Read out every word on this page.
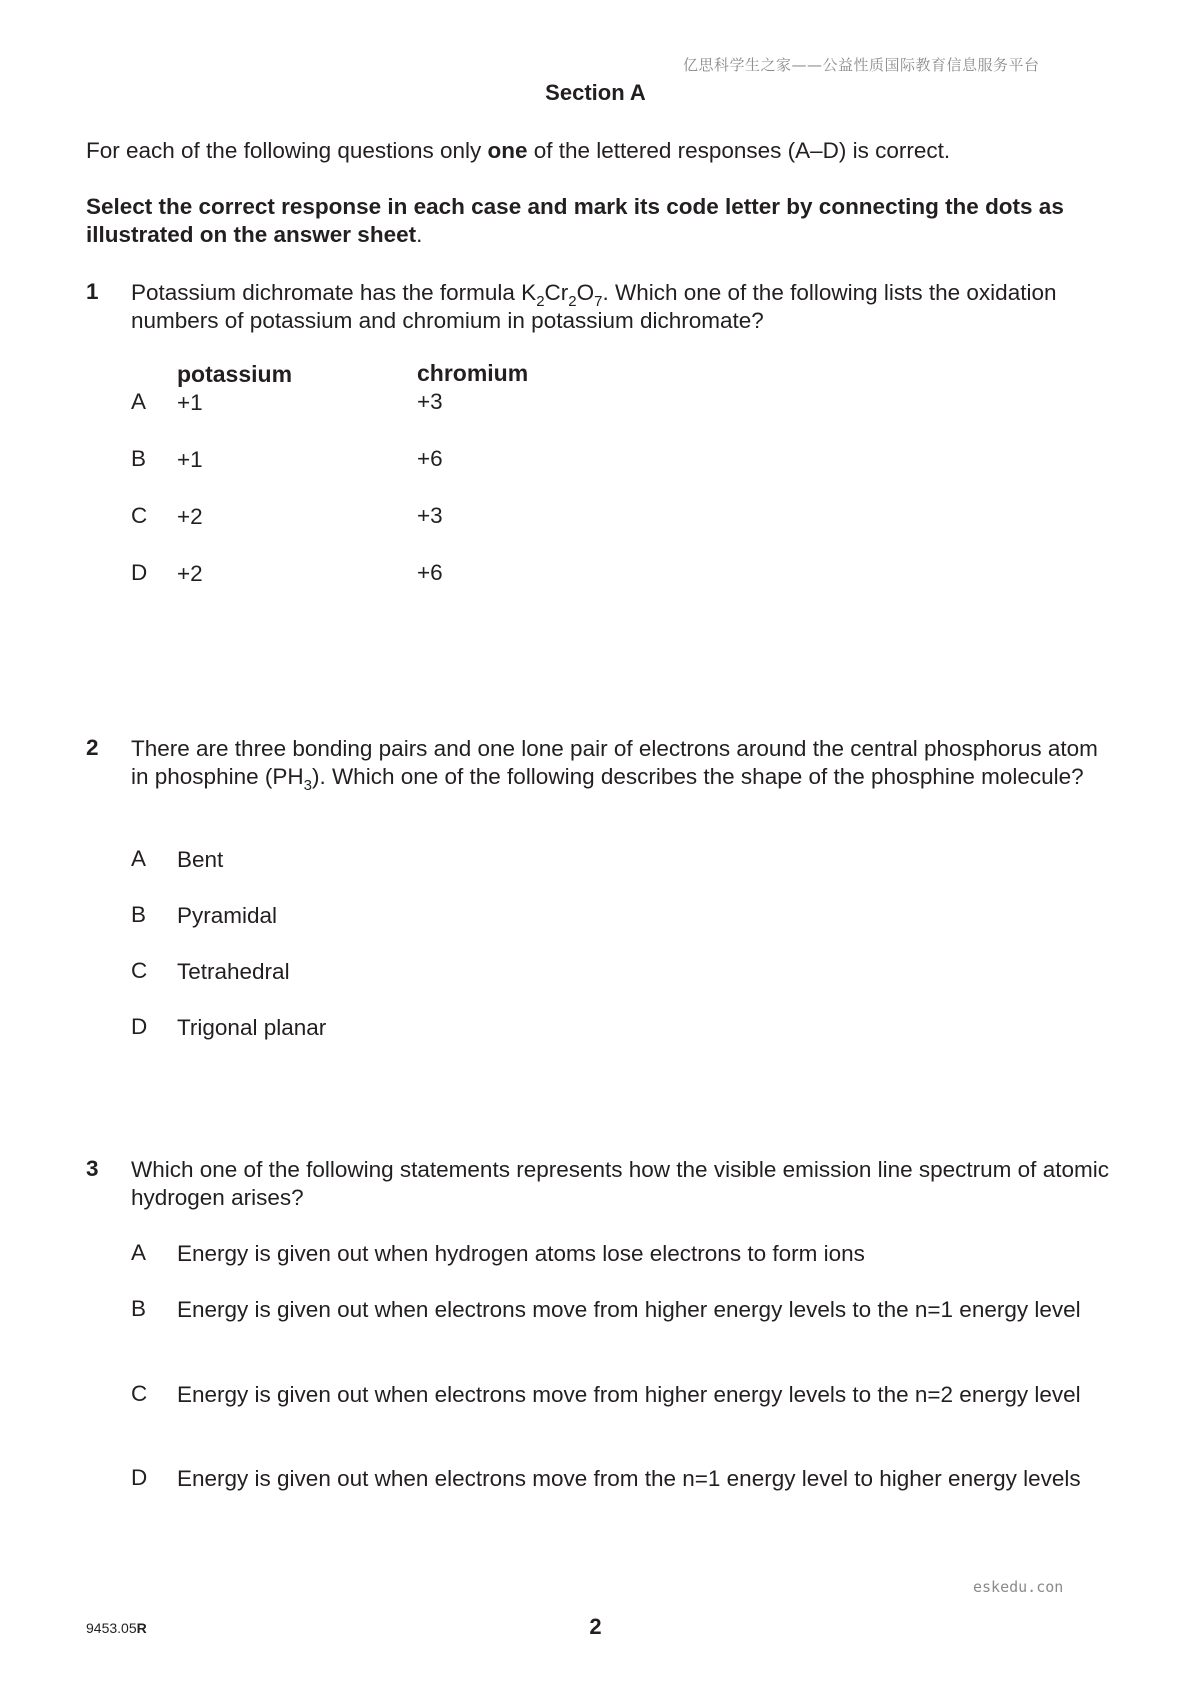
亿思科学生之家——公益性质国际教育信息服务平台
Section A
For each of the following questions only one of the lettered responses (A–D) is correct.
Select the correct response in each case and mark its code letter by connecting the dots as illustrated on the answer sheet.
1 Potassium dichromate has the formula $K_2Cr_2O_7$. Which one of the following lists the oxidation numbers of potassium and chromium in potassium dichromate?
potassium	chromium
A +1	+3
B +1	+6
C +2	+3
D +2	+6
2 There are three bonding pairs and one lone pair of electrons around the central phosphorus atom in phosphine $(PH_3)$. Which one of the following describes the shape of the phosphine molecule?
A Bent
B Pyramidal
C Tetrahedral
D Trigonal planar
3 Which one of the following statements represents how the visible emission line spectrum of atomic hydrogen arises?
A Energy is given out when hydrogen atoms lose electrons to form ions
B Energy is given out when electrons move from higher energy levels to the n=1 energy level
C Energy is given out when electrons move from higher energy levels to the n=2 energy level
D Energy is given out when electrons move from the n=1 energy level to higher energy levels
eskedu.con
9453.05R	2
